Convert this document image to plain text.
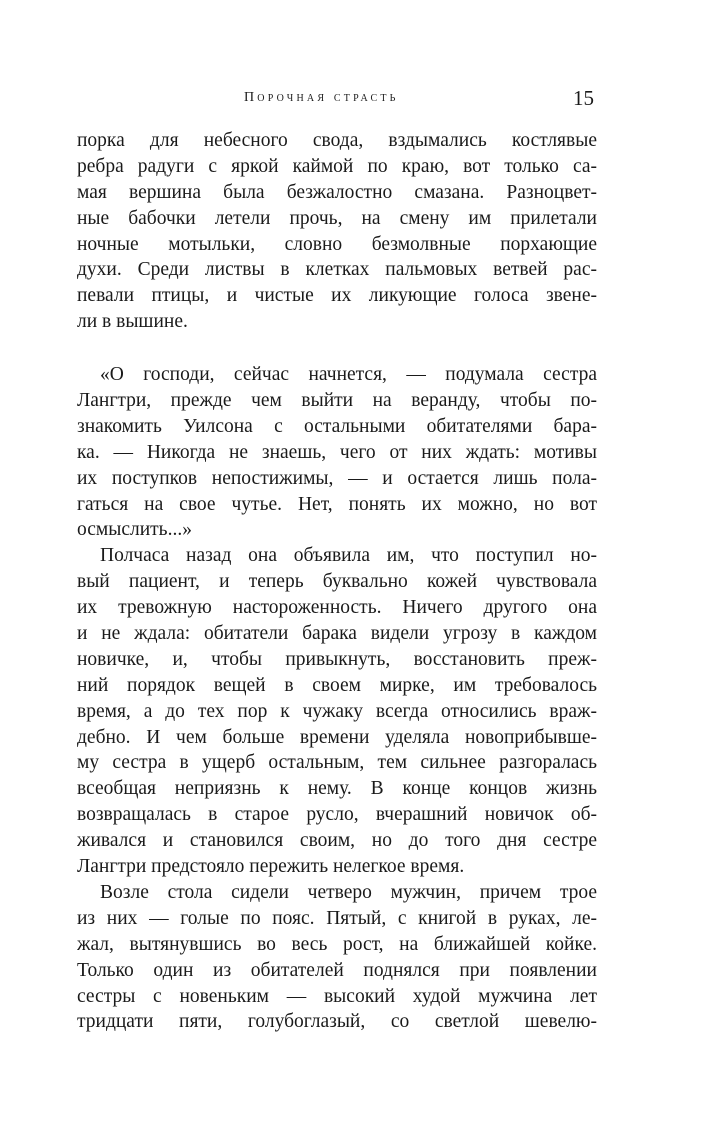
Порочная страсть	15
порка для небесного свода, вздымались костлявые
ребра радуги с яркой каймой по краю, вот только са-
мая вершина была безжалостно смазана. Разноцвет-
ные бабочки летели прочь, на смену им прилетали
ночные мотыльки, словно безмолвные порхающие
духи. Среди листвы в клетках пальмовых ветвей рас-
певали птицы, и чистые их ликующие голоса звене-
ли в вышине.
«О господи, сейчас начнется, — подумала сестра
Лангтри, прежде чем выйти на веранду, чтобы по-
знакомить Уилсона с остальными обитателями бара-
ка. — Никогда не знаешь, чего от них ждать: мотивы
их поступков непостижимы, — и остается лишь пола-
гаться на свое чутье. Нет, понять их можно, но вот
осмыслить...»
Полчаса назад она объявила им, что поступил но-
вый пациент, и теперь буквально кожей чувствовала
их тревожную настороженность. Ничего другого она
и не ждала: обитатели барака видели угрозу в каждом
новичке, и, чтобы привыкнуть, восстановить преж-
ний порядок вещей в своем мирке, им требовалось
время, а до тех пор к чужаку всегда относились враж-
дебно. И чем больше времени уделяла новоприбывше-
му сестра в ущерб остальным, тем сильнее разгоралась
всеобщая неприязнь к нему. В конце концов жизнь
возвращалась в старое русло, вчерашний новичок об-
живался и становился своим, но до того дня сестре
Лангтри предстояло пережить нелегкое время.
Возле стола сидели четверо мужчин, причем трое
из них — голые по пояс. Пятый, с книгой в руках, ле-
жал, вытянувшись во весь рост, на ближайшей койке.
Только один из обитателей поднялся при появлении
сестры с новеньким — высокий худой мужчина лет
тридцати пяти, голубоглазый, со светлой шевелю-
